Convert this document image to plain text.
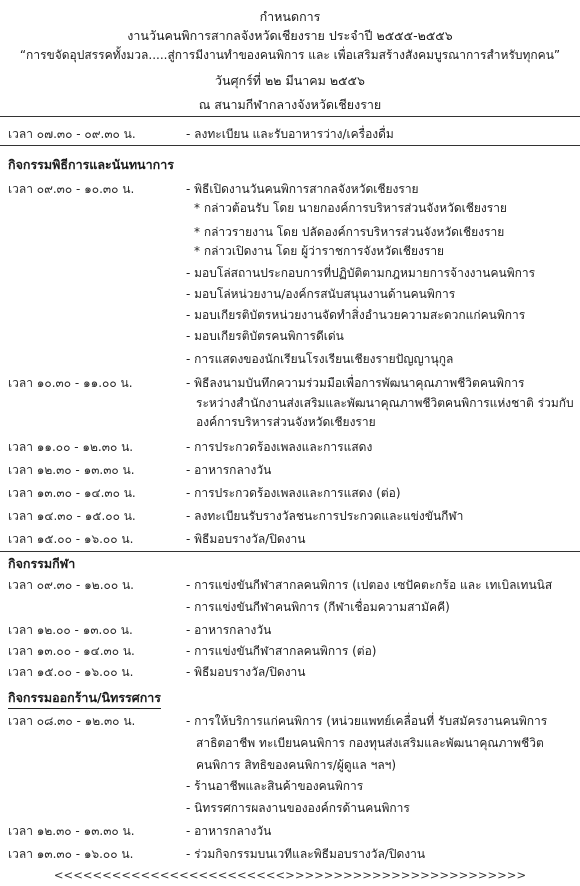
กำหนดการ
งานวันคนพิการสากลจังหวัดเชียงราย ประจำปี ๒๕๕๕-๒๕๕๖
“การขจัดอุปสรรคทั้งมวล.....สู่การมีงานทำของคนพิการ และ เพื่อเสริมสร้างสังคมบูรณาการสำหรับทุกคน”
วันศุกร์ที่ ๒๒ มีนาคม ๒๕๕๖
ณ สนามกีฬากลางจังหวัดเชียงราย
เวลา ๐๗.๓๐ - ๐๙.๓๐ น.	- ลงทะเบียน และรับอาหารว่าง/เครื่องดื่ม
กิจกรรมพิธีการและนันทนาการ
เวลา ๐๙.๓๐ - ๑๐.๓๐ น.	- พิธีเปิดงานวันคนพิการสากลจังหวัดเชียงราย
* กล่าวต้อนรับ โดย นายกองค์การบริหารส่วนจังหวัดเชียงราย
* กล่าวรายงาน โดย ปลัดองค์การบริหารส่วนจังหวัดเชียงราย
* กล่าวเปิดงาน โดย ผู้ว่าราชการจังหวัดเชียงราย
- มอบโล่สถานประกอบการที่ปฏิบัติตามกฎหมายการจ้างงานคนพิการ
- มอบโล่หน่วยงาน/องค์กรสนับสนุนงานด้านคนพิการ
- มอบเกียรติบัตรหน่วยงานจัดทำสิ่งอำนวยความสะดวกแก่คนพิการ
- มอบเกียรติบัตรคนพิการดีเด่น
- การแสดงของนักเรียนโรงเรียนเชียงรายปัญญานุกูล
เวลา ๑๐.๓๐ - ๑๑.๐๐ น.	- พิธีลงนามบันทึกความร่วมมือเพื่อการพัฒนาคุณภาพชีวิตคนพิการ
ระหว่างสำนักงานส่งเสริมและพัฒนาคุณภาพชีวิตคนพิการแห่งชาติ ร่วมกับ
องค์การบริหารส่วนจังหวัดเชียงราย
เวลา ๑๑.๐๐ - ๑๒.๓๐ น.	- การประกวดร้องเพลงและการแสดง
เวลา ๑๒.๓๐ - ๑๓.๓๐ น.	- อาหารกลางวัน
เวลา ๑๓.๓๐ - ๑๔.๓๐ น.	- การประกวดร้องเพลงและการแสดง (ต่อ)
เวลา ๑๔.๓๐ - ๑๕.๐๐ น.	- ลงทะเบียนรับรางวัลชนะการประกวดและแข่งขันกีฬา
เวลา ๑๕.๐๐ - ๑๖.๐๐ น.	- พิธีมอบรางวัล/ปิดงาน
กิจกรรมกีฬา
เวลา ๐๙.๓๐ - ๑๒.๐๐ น.	- การแข่งขันกีฬาสากลคนพิการ (เปตอง เซปัคตะกร้อ และ เทเบิลเทนนิส
- การแข่งขันกีฬาคนพิการ (กีฬาเชื่อมความสามัคคี)
เวลา ๑๒.๐๐ - ๑๓.๐๐ น.	- อาหารกลางวัน
เวลา ๑๓.๐๐ - ๑๔.๓๐ น.	- การแข่งขันกีฬาสากลคนพิการ (ต่อ)
เวลา ๑๕.๐๐ - ๑๖.๐๐ น.	- พิธีมอบรางวัล/ปิดงาน
กิจกรรมออกร้าน/นิทรรศการ
เวลา ๐๘.๓๐ - ๑๒.๓๐ น.	- การให้บริการแก่คนพิการ (หน่วยแพทย์เคลื่อนที่ รับสมัครงานคนพิการ
สาธิตอาชีพ ทะเบียนคนพิการ กองทุนส่งเสริมและพัฒนาคุณภาพชีวิต
คนพิการ สิทธิของคนพิการ/ผู้ดูแล ฯลฯ)
- ร้านอาชีพและสินค้าของคนพิการ
- นิทรรศการผลงานขององค์กรด้านคนพิการ
เวลา ๑๒.๓๐ - ๑๓.๓๐ น.	- อาหารกลางวัน
เวลา ๑๓.๓๐ - ๑๖.๐๐ น.	- ร่วมกิจกรรมบนเวทีและพิธีมอบรางวัล/ปิดงาน
<<<<<<<<<<<<<<<<<<<<<<<<>>>>>>>>>>>>>>>>>>>>>>>>>
